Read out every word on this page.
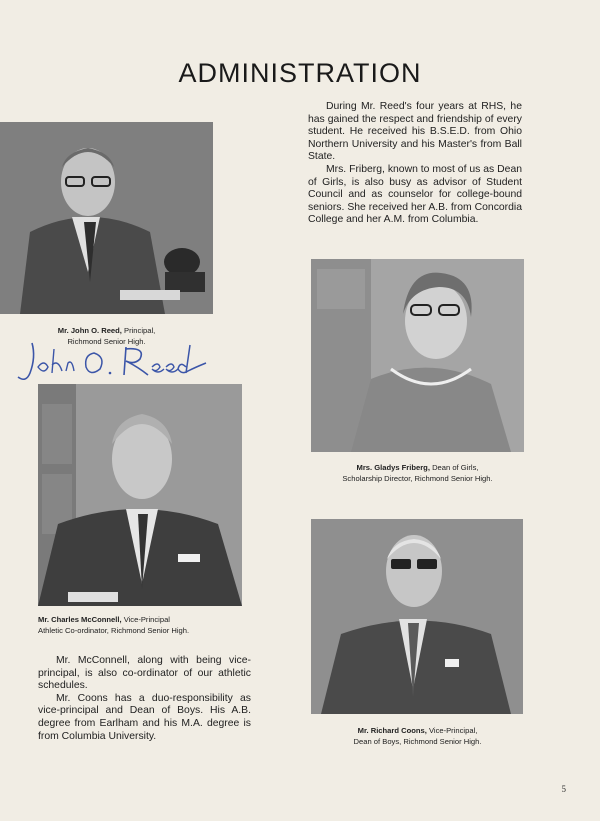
ADMINISTRATION

During Mr. Reed's four years at RHS, he has gained the respect and friendship of every student. He received his B.S.E.D. from Ohio Northern University and his Master's from Ball State.

Mrs. Friberg, known to most of us as Dean of Girls, is also busy as advisor of Student Council and as counselor for college-bound seniors. She received her A.B. from Concordia College and her A.M. from Columbia.

Mr. John O. Reed, Principal,
Richmond Senior High.
Mr. Charles McConnell, Vice-Principal
Athletic Co-ordinator, Richmond Senior High.

Mr. McConnell, along with being vice-principal, is also co-ordinator of our athletic schedules.

Mr. Coons has a duo-responsibility as vice-principal and Dean of Boys. His A.B. degree from Earlham and his M.A. degree is from Columbia University.

Mrs. Gladys Friberg, Dean of Girls,
Scholarship Director, Richmond Senior High.
Mr. Richard Coons, Vice-Principal,
Dean of Boys, Richmond Senior High.
5
